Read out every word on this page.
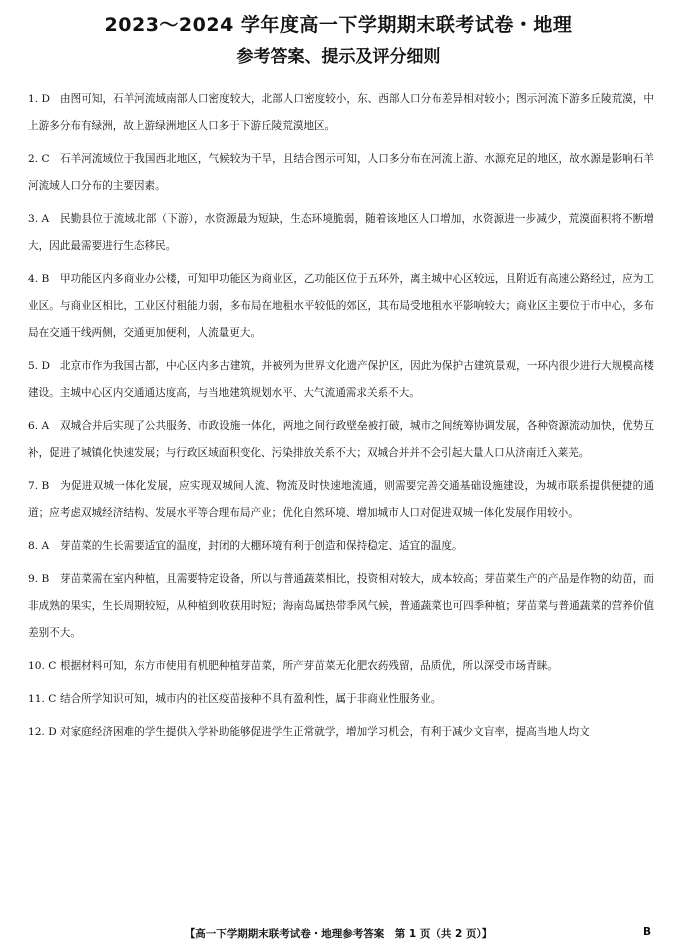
2023～2024 学年度高一下学期期末联考试卷・地理
参考答案、提示及评分细则
1. D 由图可知，石羊河流域南部人口密度较大，北部人口密度较小，东、西部人口分布差异相对较小；图示河流下游多丘陵荒漠，中上游多分布有绿洲，故上游绿洲地区人口多于下游丘陵荒漠地区。
2. C 石羊河流域位于我国西北地区，气候较为干旱，且结合图示可知，人口多分布在河流上游、水源充足的地区，故水源是影响石羊河流域人口分布的主要因素。
3. A 民勤县位于流域北部（下游），水资源最为短缺，生态环境脆弱，随着该地区人口增加，水资源进一步减少，荒漠面积将不断增大，因此最需要进行生态移民。
4. B 甲功能区内多商业办公楼，可知甲功能区为商业区，乙功能区位于五环外，离主城中心区较远，且附近有高速公路经过，应为工业区。与商业区相比，工业区付租能力弱，多布局在地租水平较低的郊区，其布局受地租水平影响较大；商业区主要位于市中心，多布局在交通干线两侧，交通更加便利，人流量更大。
5. D 北京市作为我国古都，中心区内多古建筑，并被列为世界文化遗产保护区，因此为保护古建筑景观，一环内很少进行大规模高楼建设。主城中心区内交通通达度高，与当地建筑规划水平、大气流通需求关系不大。
6. A 双城合并后实现了公共服务、市政设施一体化，两地之间行政壁垒被打破，城市之间统筹协调发展，各种资源流动加快，优势互补，促进了城镇化快速发展；与行政区域面积变化、污染排放关系不大；双城合并并不会引起大量人口从济南迁入莱芜。
7. B 为促进双城一体化发展，应实现双城间人流、物流及时快速地流通，则需要完善交通基础设施建设，为城市联系提供便捷的通道；应考虑双城经济结构、发展水平等合理布局产业；优化自然环境、增加城市人口对促进双城一体化发展作用较小。
8. A 芽苗菜的生长需要适宜的温度，封闭的大棚环境有利于创造和保持稳定、适宜的温度。
9. B 芽苗菜需在室内种植，且需要特定设备，所以与普通蔬菜相比，投资相对较大，成本较高；芽苗菜生产的产品是作物的幼苗，而非成熟的果实，生长周期较短，从种植到收获用时短；海南岛属热带季风气候，普通蔬菜也可四季种植；芽苗菜与普通蔬菜的营养价值差别不大。
10. C 根据材料可知，东方市使用有机肥种植芽苗菜，所产芽苗菜无化肥农药残留，品质优，所以深受市场青睐。
11. C 结合所学知识可知，城市内的社区疫苗接种不具有盈利性，属于非商业性服务业。
12. D 对家庭经济困难的学生提供入学补助能够促进学生正常就学，增加学习机会，有利于减少文盲率，提高当地人均文
【高一下学期期末联考试卷・地理参考答案　第 1 页（共 2 页）】	B
